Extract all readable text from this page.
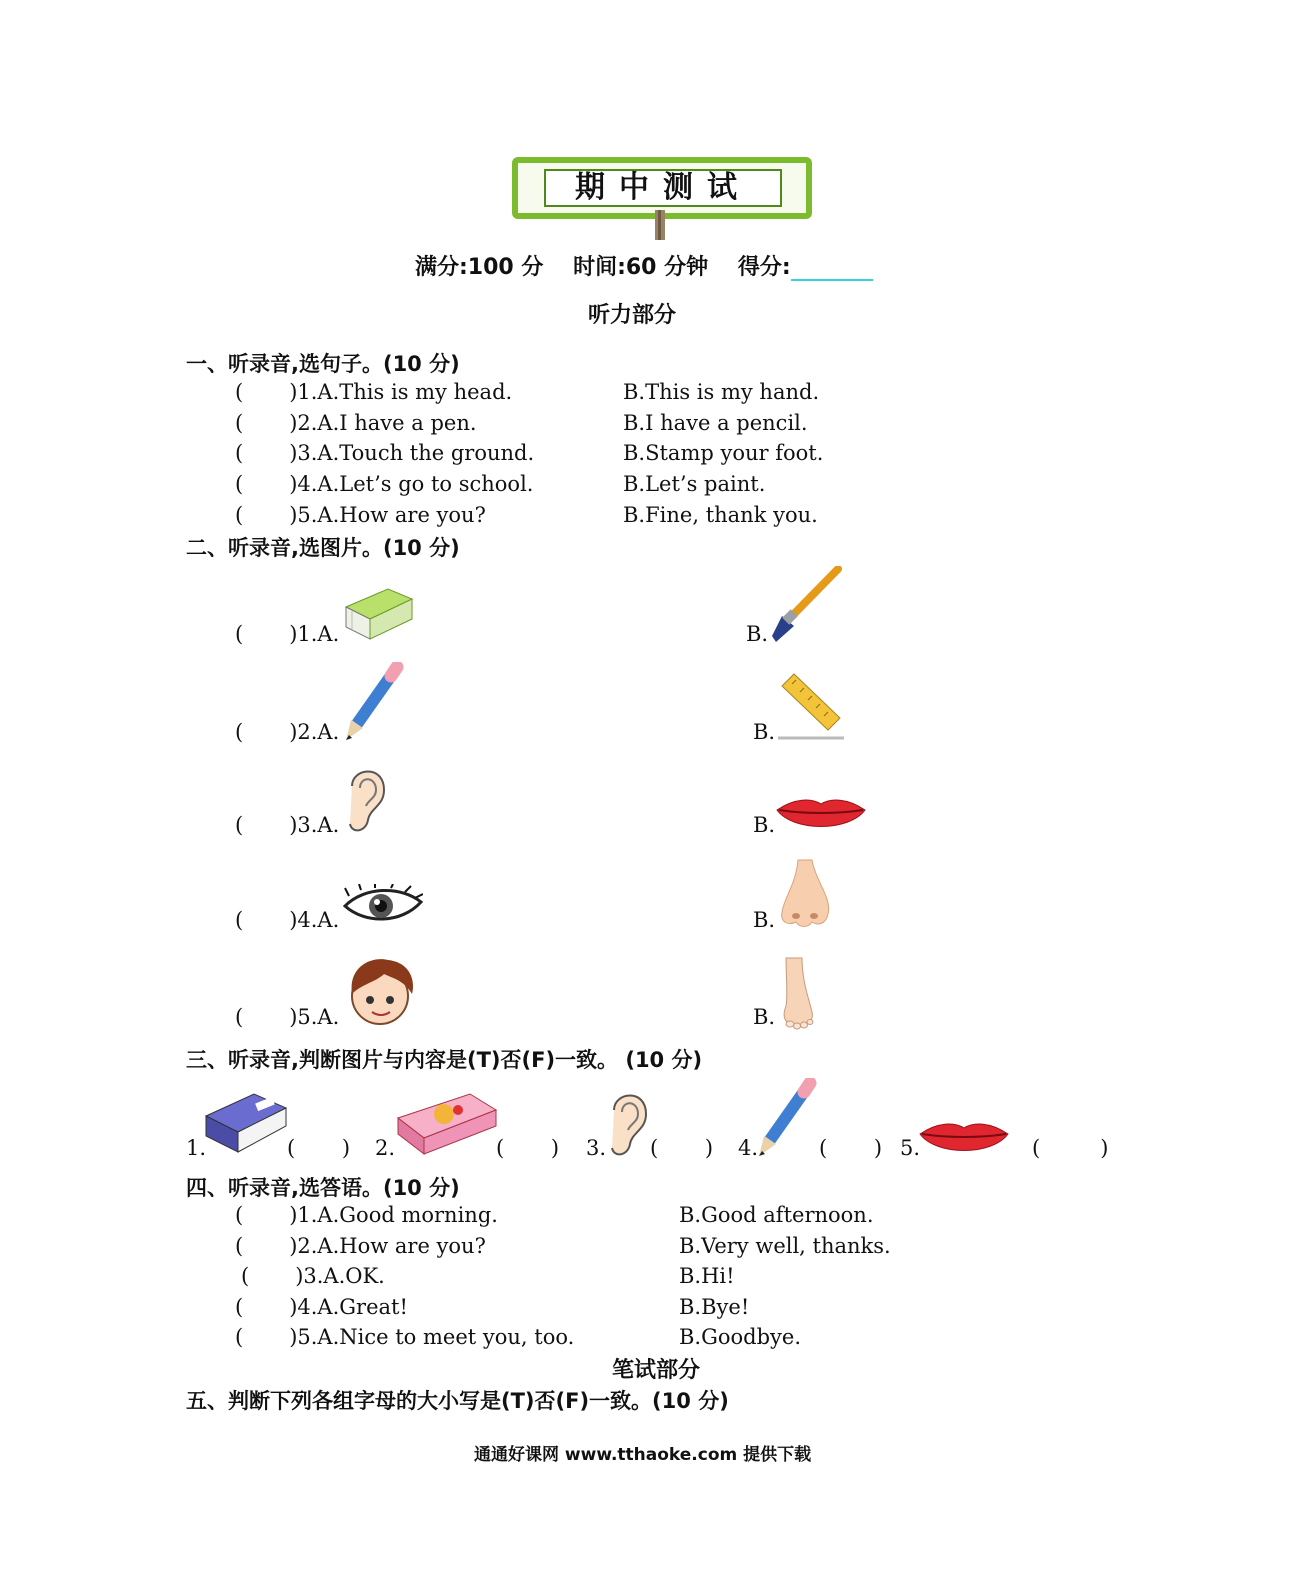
期中测试
满分:100 分 时间:60 分钟 得分:
听力部分
一、听录音,选句子。(10 分)
( )1.A.This is my head.	B.This is my hand.
( )2.A.I have a pen.	B.I have a pencil.
( )3.A.Touch the ground.	B.Stamp your foot.
( )4.A.Let’s go to school.	B.Let’s paint.
( )5.A.How are you?	B.Fine, thank you.
二、听录音,选图片。(10 分)
( )1.A.	B.
( )2.A.	B.
( )3.A.	B.
( )4.A.	B.
( )5.A.	B.
三、听录音,判断图片与内容是(T)否(F)一致。 (10 分)
1.	(       ) 2.	(       ) 3. (       ) 4.	(       ) 5.	(         )
四、听录音,选答语。(10 分)
( )1.A.Good morning.	B.Good afternoon.
( )2.A.How are you?	B.Very well, thanks.
( )3.A.OK.	B.Hi!
( )4.A.Great!	B.Bye!
( )5.A.Nice to meet you, too.	B.Goodbye.
笔试部分
五、判断下列各组字母的大小写是(T)否(F)一致。(10 分)
通通好课网 www.tthaoke.com 提供下载
